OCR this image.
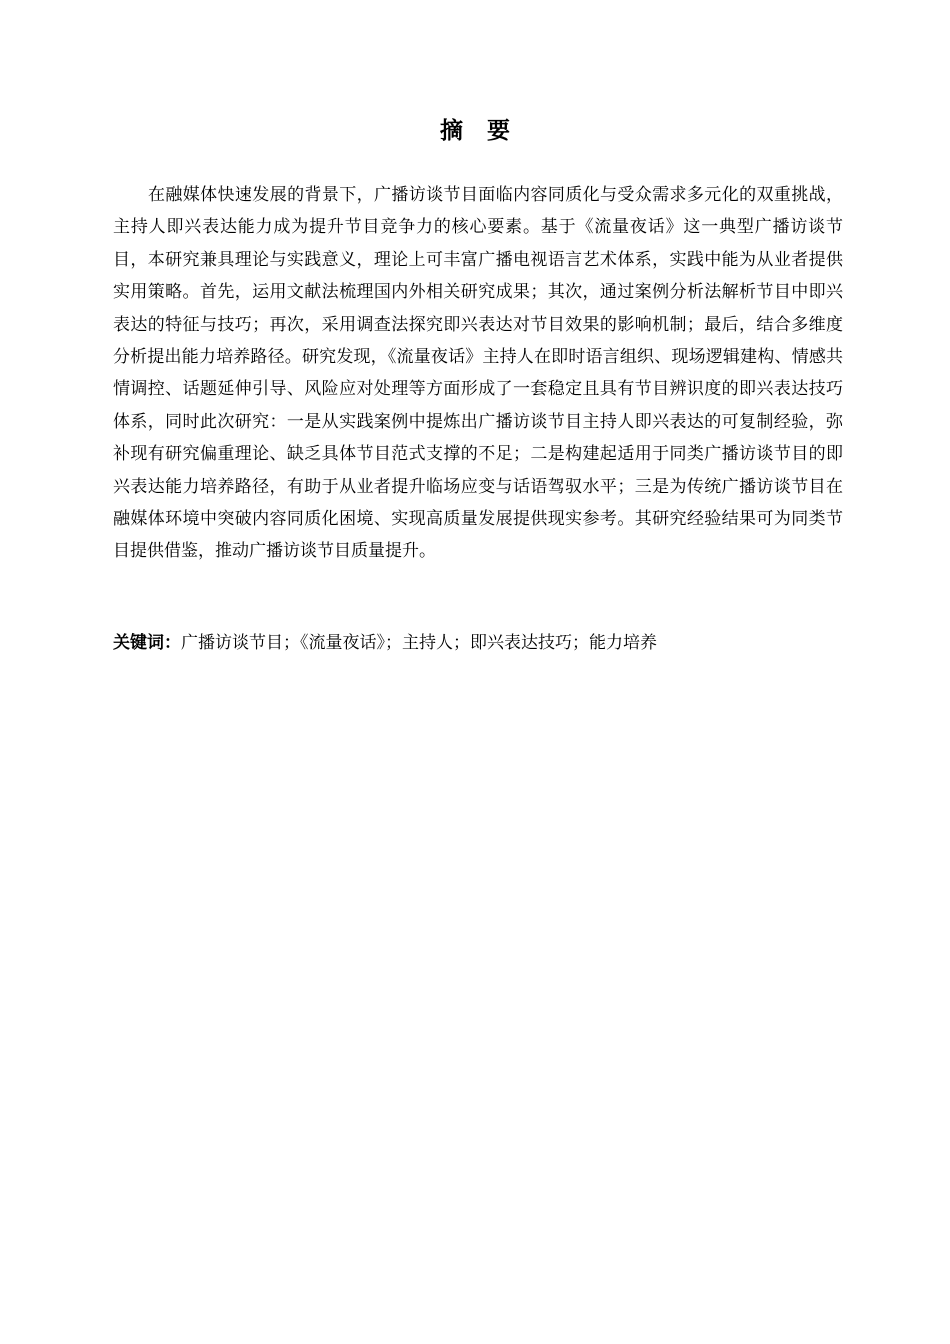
摘 要

在融媒体快速发展的背景下，广播访谈节目面临内容同质化与受众需求多元化的双重挑战，主持人即兴表达能力成为提升节目竞争力的核心要素。基于《流量夜话》这一典型广播访谈节目，本研究兼具理论与实践意义，理论上可丰富广播电视语言艺术体系，实践中能为从业者提供实用策略。首先，运用文献法梳理国内外相关研究成果；其次，通过案例分析法解析节目中即兴表达的特征与技巧；再次，采用调查法探究即兴表达对节目效果的影响机制；最后，结合多维度分析提出能力培养路径。研究发现，《流量夜话》主持人在即时语言组织、现场逻辑建构、情感共情调控、话题延伸引导、风险应对处理等方面形成了一套稳定且具有节目辨识度的即兴表达技巧体系，同时此次研究：一是从实践案例中提炼出广播访谈节目主持人即兴表达的可复制经验，弥补现有研究偏重理论、缺乏具体节目范式支撑的不足；二是构建起适用于同类广播访谈节目的即兴表达能力培养路径，有助于从业者提升临场应变与话语驾驭水平；三是为传统广播访谈节目在融媒体环境中突破内容同质化困境、实现高质量发展提供现实参考。其研究经验结果可为同类节目提供借鉴，推动广播访谈节目质量提升。

关键词：广播访谈节目；《流量夜话》；主持人；即兴表达技巧；能力培养
